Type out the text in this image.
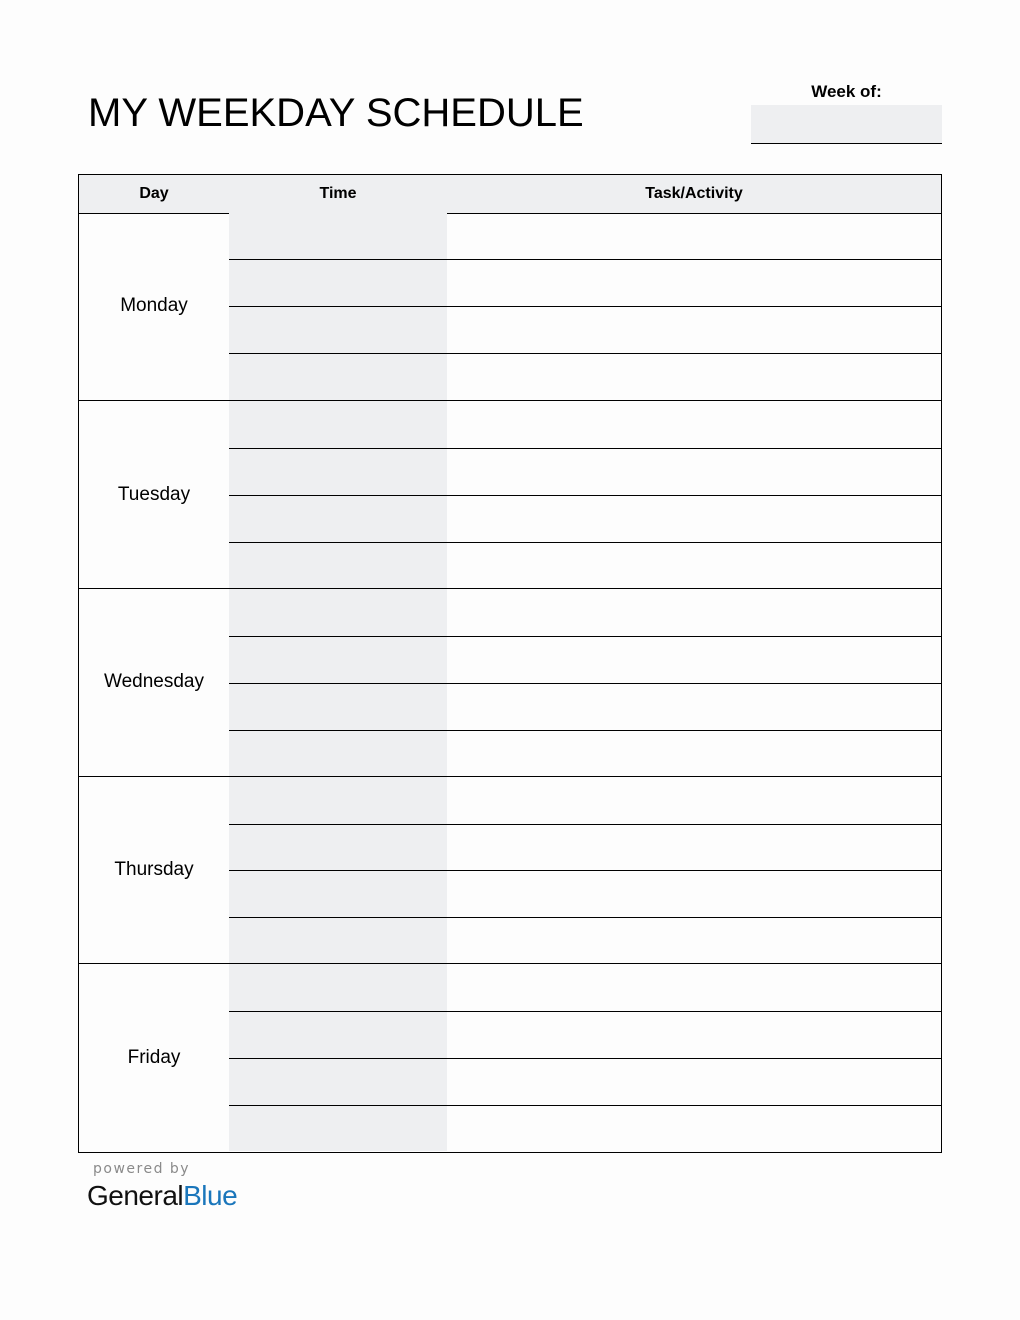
MY WEEKDAY SCHEDULE	Week of:
Day	Time	Task/Activity
Monday
Tuesday
Wednesday
Thursday
Friday
powered by
GeneralBlue
